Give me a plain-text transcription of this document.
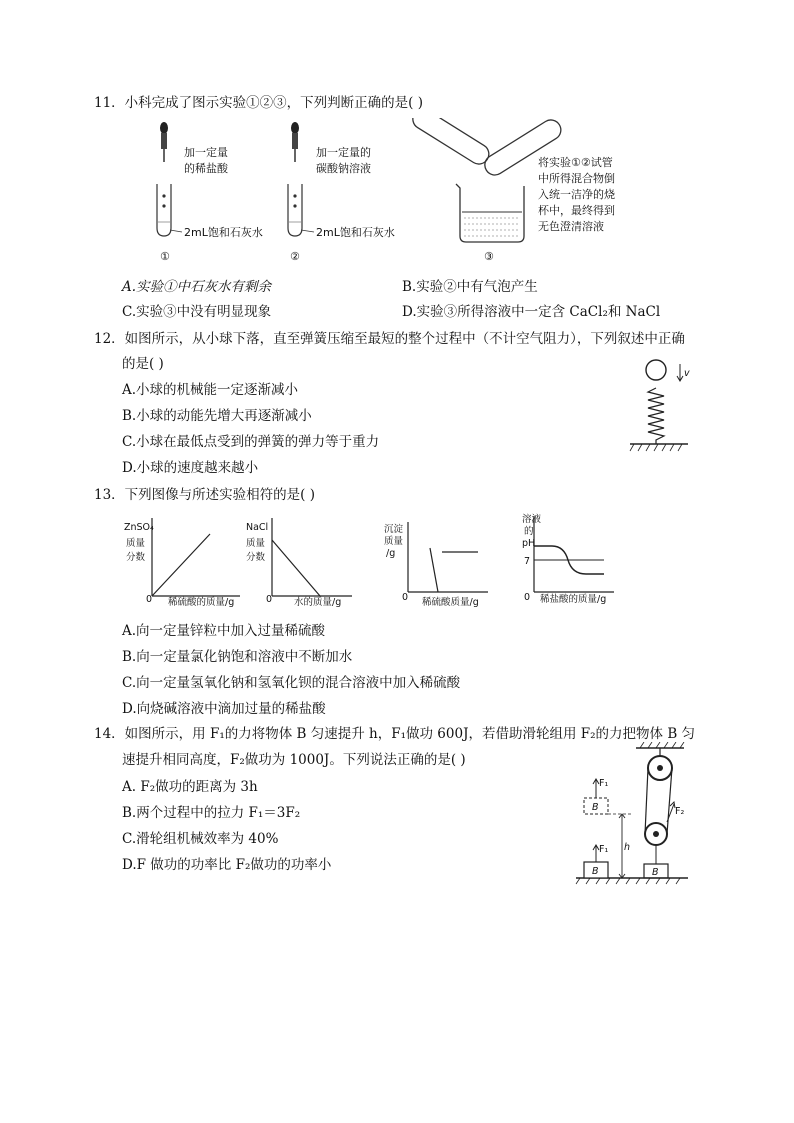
11．小科完成了图示实验①②③，下列判断正确的是( )
加一定量
的稀盐酸
2mL饱和石灰水
①
加一定量的
碳酸钠溶液
2mL饱和石灰水
②
将实验①②试管
中所得混合物倒
入统一洁净的烧
杯中，最终得到
无色澄清溶液
③
A.实验①中石灰水有剩余	B.实验②中有气泡产生
C.实验③中没有明显现象	D.实验③所得溶液中一定含 CaCl₂和 NaCl
12．如图所示，从小球下落，直至弹簧压缩至最短的整个过程中（不计空气阻力），下列叙述中正确
的是( )
A.小球的机械能一定逐渐减小
B.小球的动能先增大再逐渐减小
C.小球在最低点受到的弹簧的弹力等于重力
D.小球的速度越来越小
v
13．下列图像与所述实验相符的是( )
ZnSO₄
质量
分数
0 稀硫酸的质量/g
NaCl
质量
分数
0 水的质量/g
沉淀
质量
/g
0 稀硫酸质量/g
溶液
的
pH
7
0 稀盐酸的质量/g
A.向一定量锌粒中加入过量稀硫酸
B.向一定量氯化钠饱和溶液中不断加水
C.向一定量氢氧化钠和氢氧化钡的混合溶液中加入稀硫酸
D.向烧碱溶液中滴加过量的稀盐酸
14．如图所示，用 F₁的力将物体 B 匀速提升 h，F₁做功 600J，若借助滑轮组用 F₂的力把物体 B 匀
速提升相同高度，F₂做功为 1000J。下列说法正确的是( )
A. F₂做功的距离为 3h
B.两个过程中的拉力 F₁＝3F₂
C.滑轮组机械效率为 40%
D.F 做功的功率比 F₂做功的功率小
F₂
B
B
F₁
B
F₁
h
